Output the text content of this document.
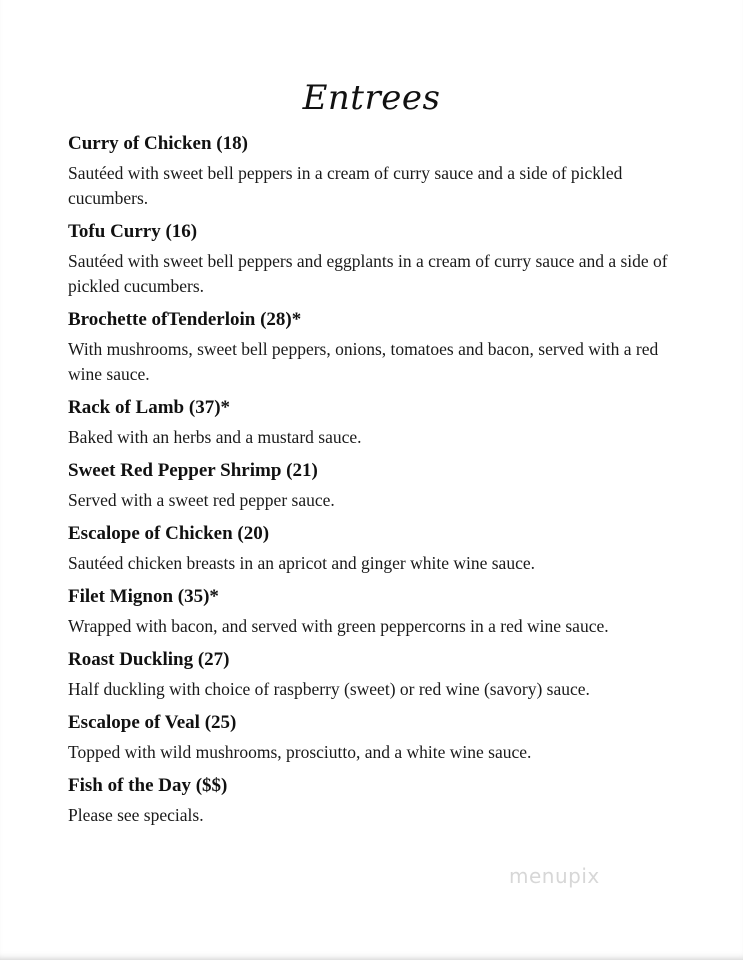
Entrees

Curry of Chicken (18)

Sautéed with sweet bell peppers in a cream of curry sauce and a side of pickled cucumbers.

Tofu Curry (16)

Sautéed with sweet bell peppers and eggplants in a cream of curry sauce and a side of pickled cucumbers.

Brochette ofTenderloin (28)*

With mushrooms, sweet bell peppers, onions, tomatoes and bacon, served with a red wine sauce.

Rack of Lamb (37)*

Baked with an herbs and a mustard sauce.

Sweet Red Pepper Shrimp (21)

Served with a sweet red pepper sauce.

Escalope of Chicken (20)

Sautéed chicken breasts in an apricot and ginger white wine sauce.

Filet Mignon (35)*

Wrapped with bacon, and served with green peppercorns in a red wine sauce.

Roast Duckling (27)

Half duckling with choice of raspberry (sweet) or red wine (savory) sauce.

Escalope of Veal (25)

Topped with wild mushrooms, prosciutto, and a white wine sauce.

Fish of the Day ($$)

Please see specials.

menupix
